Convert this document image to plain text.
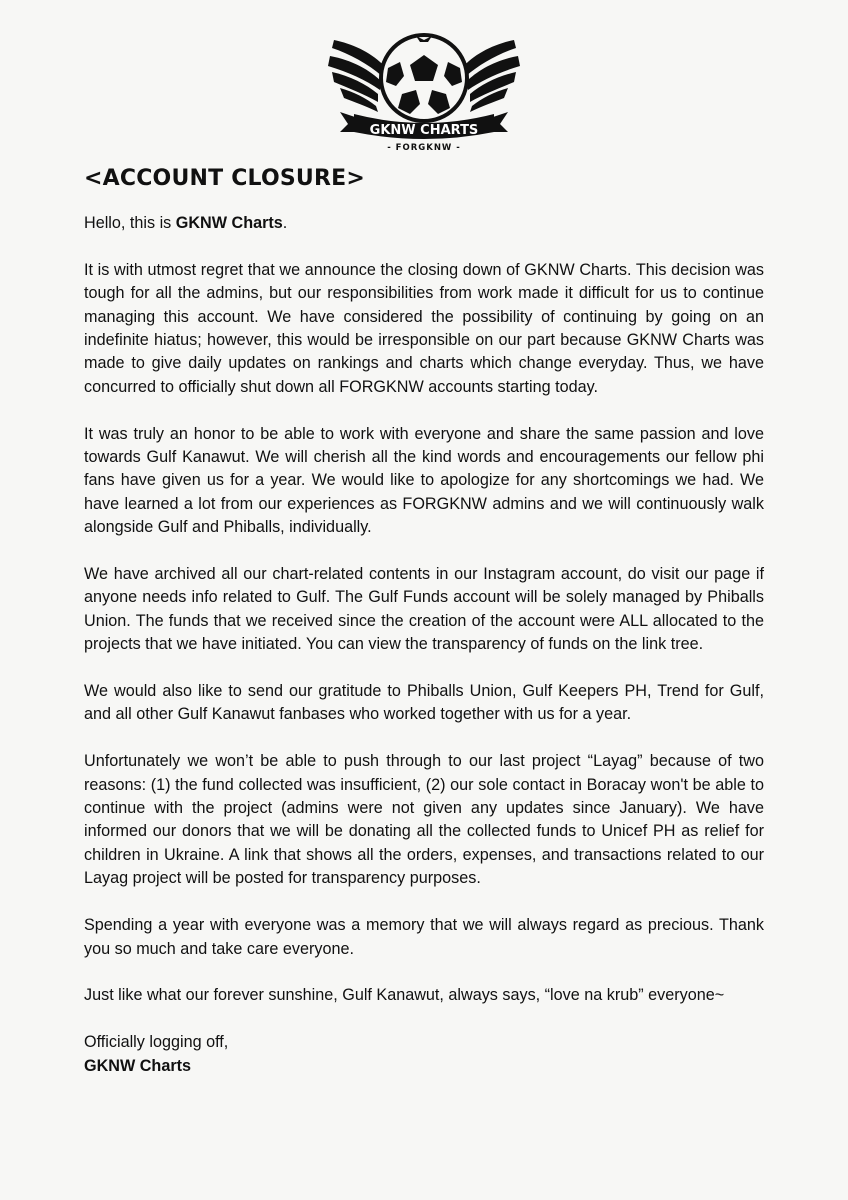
GKNW CHARTS
- FORGKNW -
<ACCOUNT CLOSURE>

Hello, this is GKNW Charts.

It is with utmost regret that we announce the closing down of GKNW Charts. This decision was tough for all the admins, but our responsibilities from work made it difficult for us to continue managing this account. We have considered the possibility of continuing by going on an indefinite hiatus; however, this would be irresponsible on our part because GKNW Charts was made to give daily updates on rankings and charts which change everyday. Thus, we have concurred to officially shut down all FORGKNW accounts starting today.

It was truly an honor to be able to work with everyone and share the same passion and love towards Gulf Kanawut. We will cherish all the kind words and encouragements our fellow phi fans have given us for a year. We would like to apologize for any shortcomings we had. We have learned a lot from our experiences as FORGKNW admins and we will continuously walk alongside Gulf and Phiballs, individually.

We have archived all our chart-related contents in our Instagram account, do visit our page if anyone needs info related to Gulf. The Gulf Funds account will be solely managed by Phiballs Union. The funds that we received since the creation of the account were ALL allocated to the projects that we have initiated. You can view the transparency of funds on the link tree.

We would also like to send our gratitude to Phiballs Union, Gulf Keepers PH, Trend for Gulf, and all other Gulf Kanawut fanbases who worked together with us for a year.

Unfortunately we won’t be able to push through to our last project “Layag” because of two reasons: (1) the fund collected was insufficient, (2) our sole contact in Boracay won't be able to continue with the project (admins were not given any updates since January). We have informed our donors that we will be donating all the collected funds to Unicef PH as relief for children in Ukraine. A link that shows all the orders, expenses, and transactions related to our Layag project will be posted for transparency purposes.

Spending a year with everyone was a memory that we will always regard as precious. Thank you so much and take care everyone.

Just like what our forever sunshine, Gulf Kanawut, always says, “love na krub” everyone~

Officially logging off,

GKNW Charts
